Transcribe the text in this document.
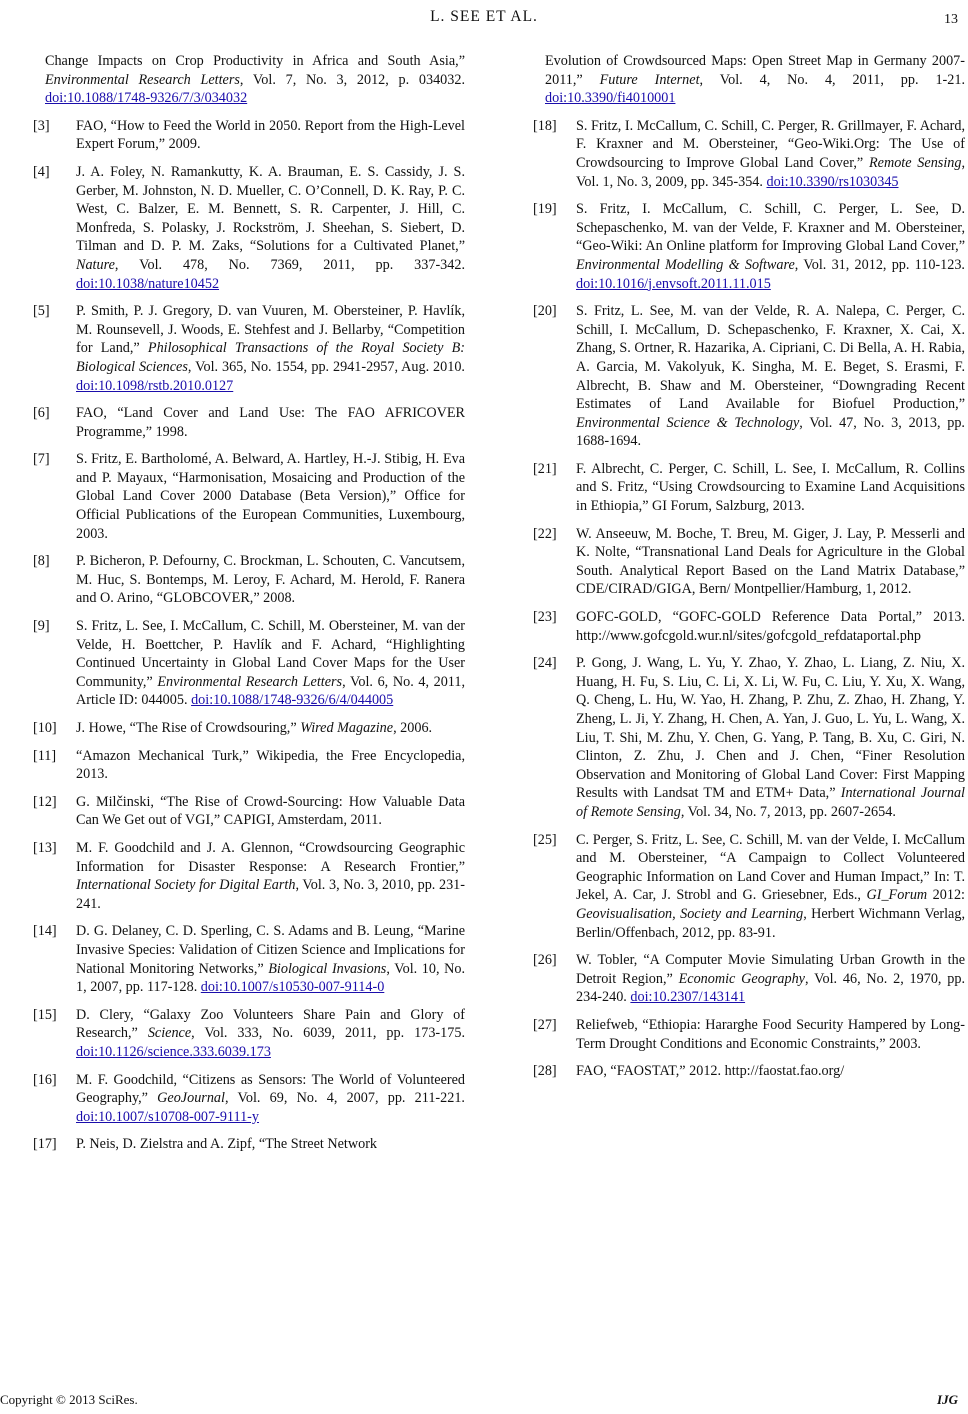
L. SEE ET AL.	13
Change Impacts on Crop Productivity in Africa and South Asia,” Environmental Research Letters, Vol. 7, No. 3, 2012, p. 034032. doi:10.1088/1748-9326/7/3/034032
[3] FAO, “How to Feed the World in 2050. Report from the High-Level Expert Forum,” 2009.
[4] J. A. Foley, N. Ramankutty, K. A. Brauman, E. S. Cassidy, J. S. Gerber, M. Johnston, N. D. Mueller, C. O’Connell, D. K. Ray, P. C. West, C. Balzer, E. M. Bennett, S. R. Carpenter, J. Hill, C. Monfreda, S. Polasky, J. Rockström, J. Sheehan, S. Siebert, D. Tilman and D. P. M. Zaks, “Solutions for a Cultivated Planet,” Nature, Vol. 478, No. 7369, 2011, pp. 337-342. doi:10.1038/nature10452
[5] P. Smith, P. J. Gregory, D. van Vuuren, M. Obersteiner, P. Havlík, M. Rounsevell, J. Woods, E. Stehfest and J. Bellarby, “Competition for Land,” Philosophical Transactions of the Royal Society B: Biological Sciences, Vol. 365, No. 1554, pp. 2941-2957, Aug. 2010. doi:10.1098/rstb.2010.0127
[6] FAO, “Land Cover and Land Use: The FAO AFRICOVER Programme,” 1998.
[7] S. Fritz, E. Bartholomé, A. Belward, A. Hartley, H.-J. Stibig, H. Eva and P. Mayaux, “Harmonisation, Mosaicing and Production of the Global Land Cover 2000 Database (Beta Version),” Office for Official Publications of the European Communities, Luxembourg, 2003.
[8] P. Bicheron, P. Defourny, C. Brockman, L. Schouten, C. Vancutsem, M. Huc, S. Bontemps, M. Leroy, F. Achard, M. Herold, F. Ranera and O. Arino, “GLOBCOVER,” 2008.
[9] S. Fritz, L. See, I. McCallum, C. Schill, M. Obersteiner, M. van der Velde, H. Boettcher, P. Havlík and F. Achard, “Highlighting Continued Uncertainty in Global Land Cover Maps for the User Community,” Environmental Research Letters, Vol. 6, No. 4, 2011, Article ID: 044005. doi:10.1088/1748-9326/6/4/044005
[10] J. Howe, “The Rise of Crowdsouring,” Wired Magazine, 2006.
[11] “Amazon Mechanical Turk,” Wikipedia, the Free Encyclopedia, 2013.
[12] G. Milčinski, “The Rise of Crowd-Sourcing: How Valuable Data Can We Get out of VGI,” CAPIGI, Amsterdam, 2011.
[13] M. F. Goodchild and J. A. Glennon, “Crowdsourcing Geographic Information for Disaster Response: A Research Frontier,” International Society for Digital Earth, Vol. 3, No. 3, 2010, pp. 231-241.
[14] D. G. Delaney, C. D. Sperling, C. S. Adams and B. Leung, “Marine Invasive Species: Validation of Citizen Science and Implications for National Monitoring Networks,” Biological Invasions, Vol. 10, No. 1, 2007, pp. 117-128. doi:10.1007/s10530-007-9114-0
[15] D. Clery, “Galaxy Zoo Volunteers Share Pain and Glory of Research,” Science, Vol. 333, No. 6039, 2011, pp. 173-175. doi:10.1126/science.333.6039.173
[16] M. F. Goodchild, “Citizens as Sensors: The World of Volunteered Geography,” GeoJournal, Vol. 69, No. 4, 2007, pp. 211-221. doi:10.1007/s10708-007-9111-y
[17] P. Neis, D. Zielstra and A. Zipf, “The Street Network
Evolution of Crowdsourced Maps: Open Street Map in Germany 2007-2011,” Future Internet, Vol. 4, No. 4, 2011, pp. 1-21. doi:10.3390/fi4010001
[18] S. Fritz, I. McCallum, C. Schill, C. Perger, R. Grillmayer, F. Achard, F. Kraxner and M. Obersteiner, “Geo-Wiki.Org: The Use of Crowdsourcing to Improve Global Land Cover,” Remote Sensing, Vol. 1, No. 3, 2009, pp. 345-354. doi:10.3390/rs1030345
[19] S. Fritz, I. McCallum, C. Schill, C. Perger, L. See, D. Schepaschenko, M. van der Velde, F. Kraxner and M. Obersteiner, “Geo-Wiki: An Online platform for Improving Global Land Cover,” Environmental Modelling & Software, Vol. 31, 2012, pp. 110-123. doi:10.1016/j.envsoft.2011.11.015
[20] S. Fritz, L. See, M. van der Velde, R. A. Nalepa, C. Perger, C. Schill, I. McCallum, D. Schepaschenko, F. Kraxner, X. Cai, X. Zhang, S. Ortner, R. Hazarika, A. Cipriani, C. Di Bella, A. H. Rabia, A. Garcia, M. Vakolyuk, K. Singha, M. E. Beget, S. Erasmi, F. Albrecht, B. Shaw and M. Obersteiner, “Downgrading Recent Estimates of Land Available for Biofuel Production,” Environmental Science & Technology, Vol. 47, No. 3, 2013, pp. 1688-1694.
[21] F. Albrecht, C. Perger, C. Schill, L. See, I. McCallum, R. Collins and S. Fritz, “Using Crowdsourcing to Examine Land Acquisitions in Ethiopia,” GI Forum, Salzburg, 2013.
[22] W. Anseeuw, M. Boche, T. Breu, M. Giger, J. Lay, P. Messerli and K. Nolte, “Transnational Land Deals for Agriculture in the Global South. Analytical Report Based on the Land Matrix Database,” CDE/CIRAD/GIGA, Bern/ Montpellier/Hamburg, 1, 2012.
[23] GOFC-GOLD, “GOFC-GOLD Reference Data Portal,” 2013. http://www.gofcgold.wur.nl/sites/gofcgold_refdataportal.php
[24] P. Gong, J. Wang, L. Yu, Y. Zhao, Y. Zhao, L. Liang, Z. Niu, X. Huang, H. Fu, S. Liu, C. Li, X. Li, W. Fu, C. Liu, Y. Xu, X. Wang, Q. Cheng, L. Hu, W. Yao, H. Zhang, P. Zhu, Z. Zhao, H. Zhang, Y. Zheng, L. Ji, Y. Zhang, H. Chen, A. Yan, J. Guo, L. Yu, L. Wang, X. Liu, T. Shi, M. Zhu, Y. Chen, G. Yang, P. Tang, B. Xu, C. Giri, N. Clinton, Z. Zhu, J. Chen and J. Chen, “Finer Resolution Observation and Monitoring of Global Land Cover: First Mapping Results with Landsat TM and ETM+ Data,” International Journal of Remote Sensing, Vol. 34, No. 7, 2013, pp. 2607-2654.
[25] C. Perger, S. Fritz, L. See, C. Schill, M. van der Velde, I. McCallum and M. Obersteiner, “A Campaign to Collect Volunteered Geographic Information on Land Cover and Human Impact,” In: T. Jekel, A. Car, J. Strobl and G. Griesebner, Eds., GI_Forum 2012: Geovisualisation, Society and Learning, Herbert Wichmann Verlag, Berlin/Offenbach, 2012, pp. 83-91.
[26] W. Tobler, “A Computer Movie Simulating Urban Growth in the Detroit Region,” Economic Geography, Vol. 46, No. 2, 1970, pp. 234-240. doi:10.2307/143141
[27] Reliefweb, “Ethiopia: Hararghe Food Security Hampered by Long-Term Drought Conditions and Economic Constraints,” 2003.
[28] FAO, “FAOSTAT,” 2012. http://faostat.fao.org/
Copyright © 2013 SciRes.	IJG
